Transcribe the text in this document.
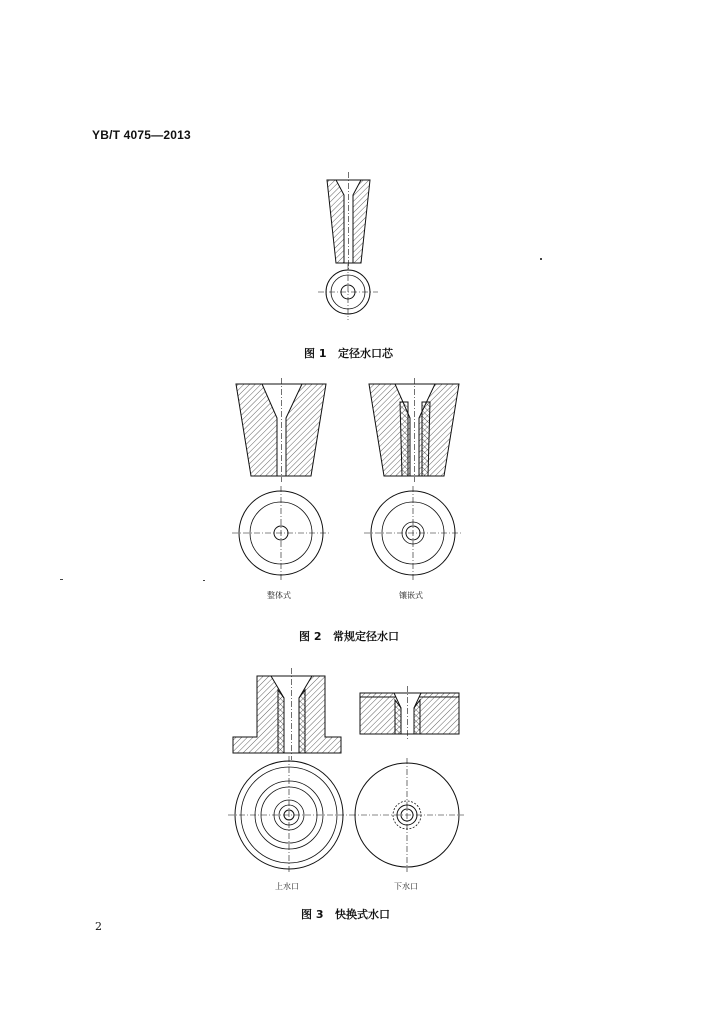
YB/T 4075—2013
图 1   定径水口芯
整体式	镶嵌式
图 2   常规定径水口
上水口	下水口
图 3   快换式水口
2
